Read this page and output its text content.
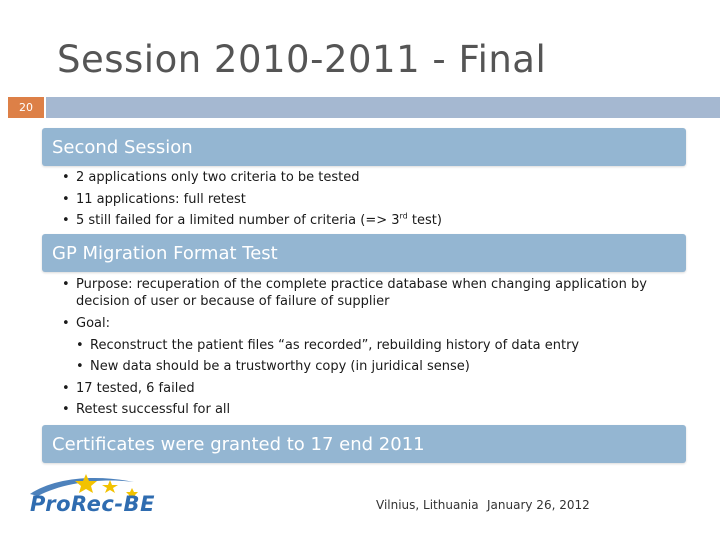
Session 2010-2011 - Final
20
Second Session
• 2 applications only two criteria to be tested
• 11 applications: full retest
• 5 still failed for a limited number of criteria (=> 3rd test)
GP Migration Format Test
• Purpose: recuperation of the complete practice database when changing application by decision of user or because of failure of supplier
• Goal:
• Reconstruct the patient files “as recorded”, rebuilding history of data entry
• New data should be a trustworthy copy (in juridical sense)
• 17 tested, 6 failed
• Retest successful for all
Certificates were granted to 17 end 2011
ProRec-BE	Vilnius, Lithuania January 26, 2012
